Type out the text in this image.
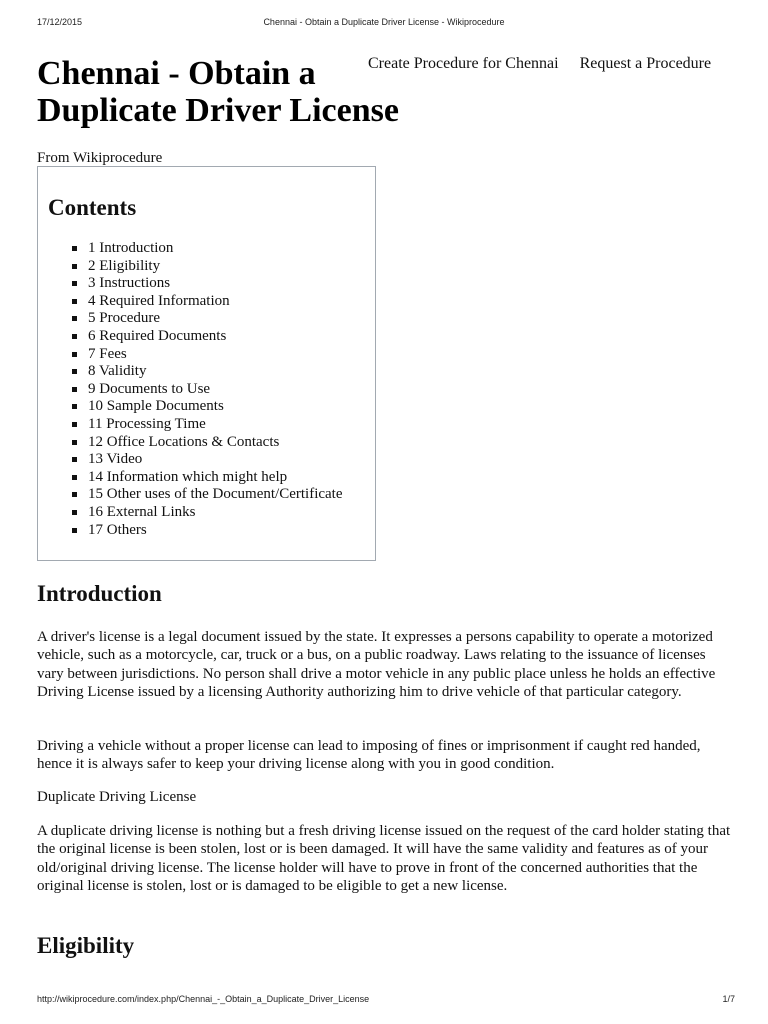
17/12/2015	Chennai - Obtain a Duplicate Driver License - Wikiprocedure
Chennai - Obtain a
Duplicate Driver License
Create Procedure for Chennai Request a Procedure
From Wikiprocedure
Contents
1 Introduction
2 Eligibility
3 Instructions
4 Required Information
5 Procedure
6 Required Documents
7 Fees
8 Validity
9 Documents to Use
10 Sample Documents
11 Processing Time
12 Office Locations & Contacts
13 Video
14 Information which might help
15 Other uses of the Document/Certificate
16 External Links
17 Others
Introduction

A driver's license is a legal document issued by the state. It expresses a persons capability to operate a motorized vehicle, such as a motorcycle, car, truck or a bus, on a public roadway. Laws relating to the issuance of licenses vary between jurisdictions. No person shall drive a motor vehicle in any public place unless he holds an effective Driving License issued by a licensing Authority authorizing him to drive vehicle of that particular category.

Driving a vehicle without a proper license can lead to imposing of fines or imprisonment if caught red handed, hence it is always safer to keep your driving license along with you in good condition.

Duplicate Driving License

A duplicate driving license is nothing but a fresh driving license issued on the request of the card holder stating that the original license is been stolen, lost or is been damaged. It will have the same validity and features as of your old/original driving license. The license holder will have to prove in front of the concerned authorities that the original license is stolen, lost or is damaged to be eligible to get a new license.

Eligibility
http://wikiprocedure.com/index.php/Chennai_-_Obtain_a_Duplicate_Driver_License	1/7
